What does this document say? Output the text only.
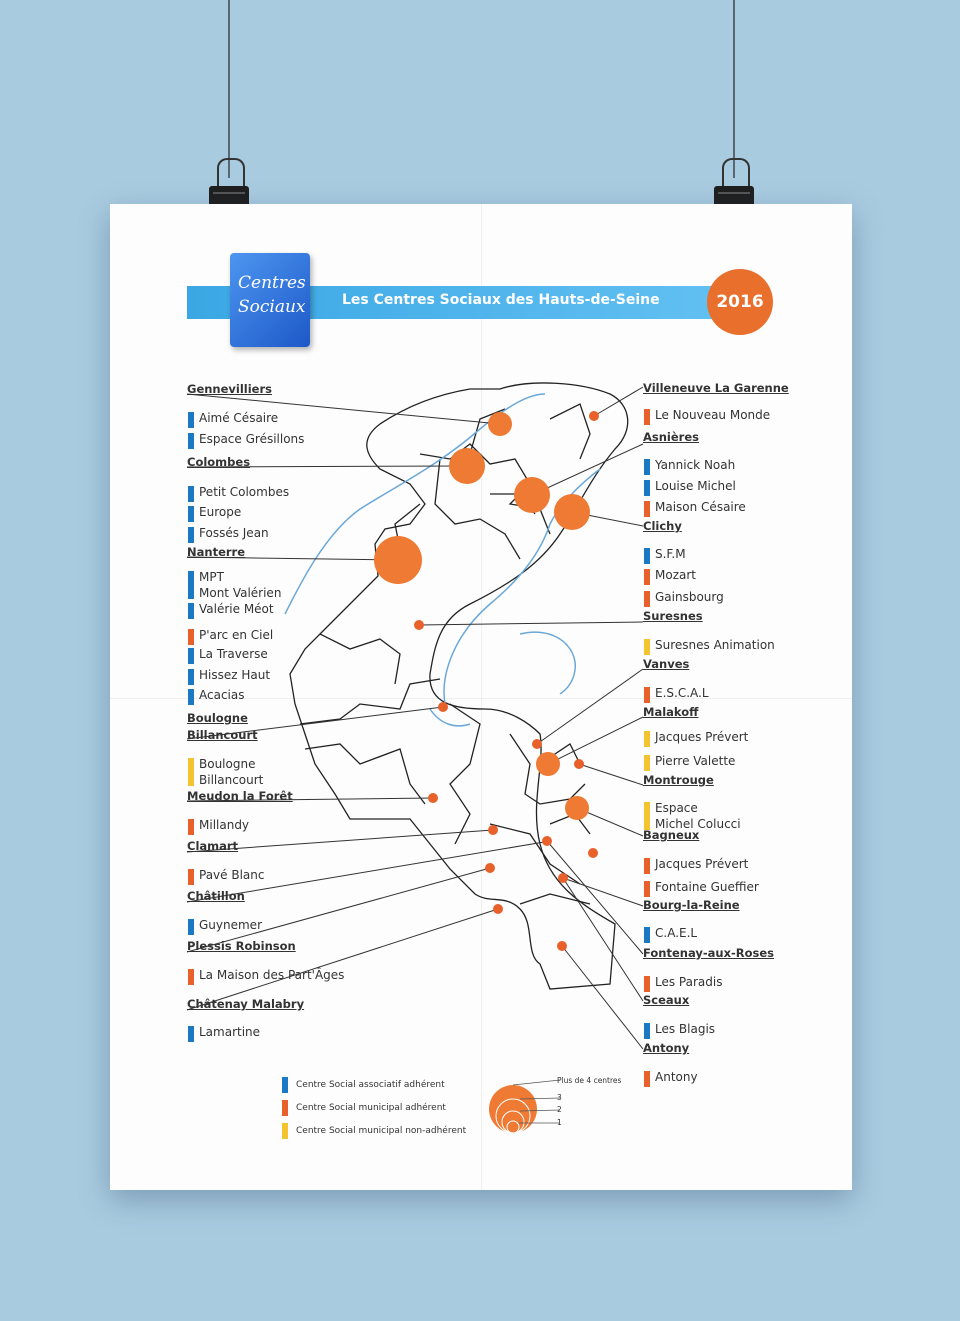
Les Centres Sociaux des Hauts-de-Seine
Centres
Sociaux	2016
Gennevilliers
Aimé Césaire
Espace Grésillons
Colombes
Petit Colombes
Europe
Fossés Jean
Nanterre
MPT
Mont Valérien
Valérie Méot
P'arc en Ciel
La Traverse
Hissez Haut
Acacias
Boulogne
Billancourt
Boulogne
Billancourt
Meudon la Forêt
Millandy
Clamart
Pavé Blanc
Châtillon
Guynemer
Plessis Robinson
La Maison des Part'Âges
Châtenay Malabry
Lamartine
Villeneuve La Garenne
Le Nouveau Monde
Asnières
Yannick Noah
Louise Michel
Maison Césaire
Clichy
S.F.M
Mozart
Gainsbourg
Suresnes
Suresnes Animation
Vanves
E.S.C.A.L
Malakoff
Jacques Prévert
Pierre Valette
Montrouge
Espace
Michel Colucci
Bagneux
Jacques Prévert
Fontaine Gueffier
Bourg-la-Reine
C.A.E.L
Fontenay-aux-Roses
Les Paradis
Sceaux
Les Blagis
Antony
Antony
Centre Social associatif adhérent
Centre Social municipal adhérent
Centre Social municipal non-adhérent
Plus de 4 centres
3
2
1
